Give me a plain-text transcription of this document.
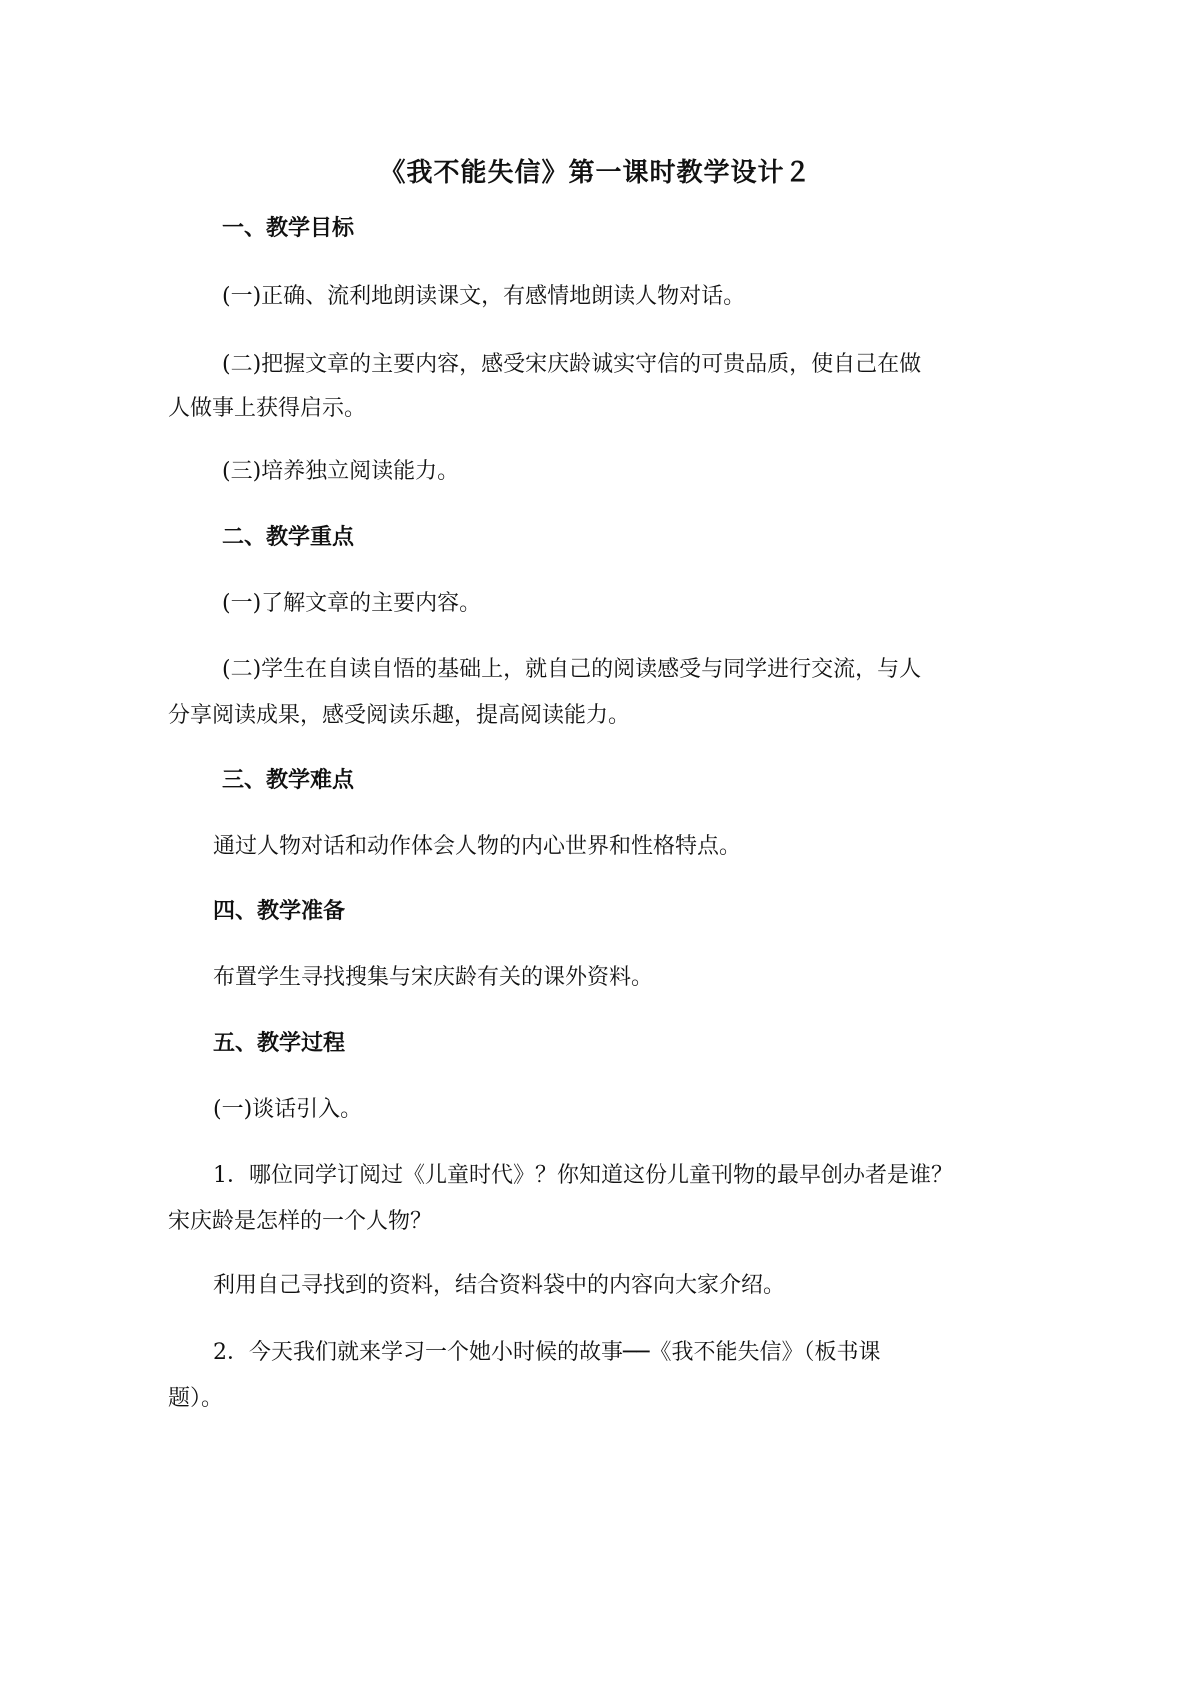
《我不能失信》第一课时教学设计２
一、教学目标
(一)正确、流利地朗读课文，有感情地朗读人物对话。
(二)把握文章的主要内容，感受宋庆龄诚实守信的可贵品质，使自己在做
人做事上获得启示。
(三)培养独立阅读能力。
二、教学重点
(一)了解文章的主要内容。
(二)学生在自读自悟的基础上，就自己的阅读感受与同学进行交流，与人
分享阅读成果，感受阅读乐趣，提高阅读能力。
三、教学难点
通过人物对话和动作体会人物的内心世界和性格特点。
四、教学准备
布置学生寻找搜集与宋庆龄有关的课外资料。
五、教学过程
(一)谈话引入。
1．哪位同学订阅过《儿童时代》？你知道这份儿童刊物的最早创办者是谁？
宋庆龄是怎样的一个人物？
利用自己寻找到的资料，结合资料袋中的内容向大家介绍。
2．今天我们就来学习一个她小时候的故事──《我不能失信》（板书课
题）。
